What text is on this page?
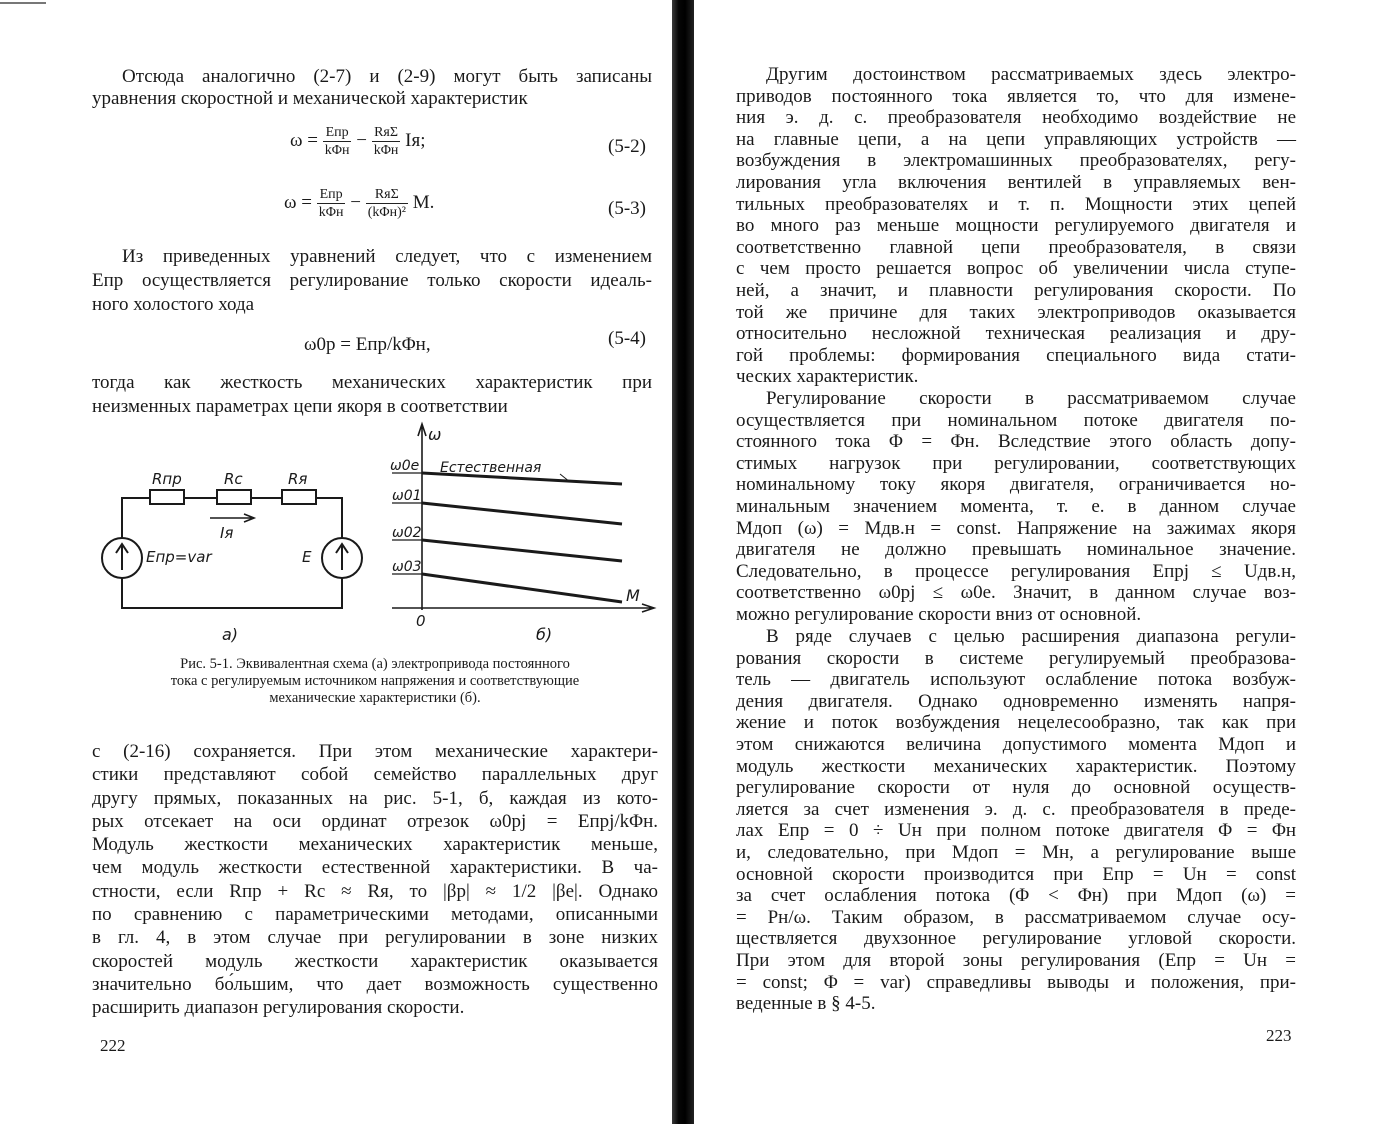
Отсюда аналогично (2-7) и (2-9) могут быть записаны
уравнения скоростной и механической характеристик
$\omega = \frac{\text{Eпр}}{\text{kΦн}} - \frac{\text{RяΣ}}{\text{kΦн}}$ Iя;	(5-2)
$\omega = \frac{\text{Eпр}}{\text{kΦн}} - \frac{\text{RяΣ}}{\text{(kΦн)²}} M$.	(5-3)
Из приведенных уравнений следует, что с изменением
Eпр осуществляется регулирование только скорости идеаль-
ного холостого хода
ω0р = Eпр/kΦн,	(5-4)
тогда как жесткость механических характеристик при
неизменных параметрах цепи якоря в соответствии
Rпр	Rс	Rя
Iя
Eпр=var	E
а)
ω
M
0
ω0е
ω01
ω02
ω03
Естественная
б)
Рис. 5-1. Эквивалентная схема (а) электропривода постоянного
тока с регулируемым источником напряжения и соответствующие
механические характеристики (б).
с (2-16) сохраняется. При этом механические характери-
стики представляют собой семейство параллельных друг
другу прямых, показанных на рис. 5-1, б, каждая из кото-
рых отсекает на оси ординат отрезок ω0рj = Eпрj/kΦн.
Модуль жесткости механических характеристик меньше,
чем модуль жесткости естественной характеристики. В ча-
стности, если Rпр + Rс ≈ Rя, то |βр| ≈ 1/2 |βе|. Однако
по сравнению с параметрическими методами, описанными
в гл. 4, в этом случае при регулировании в зоне низких
скоростей модуль жесткости характеристик оказывается
значительно бо́льшим, что дает возможность существенно
расширить диапазон регулирования скорости.
222
Другим достоинством рассматриваемых здесь электро-
приводов постоянного тока является то, что для измене-
ния э. д. с. преобразователя необходимо воздействие не
на главные цепи, а на цепи управляющих устройств —
возбуждения в электромашинных преобразователях, регу-
лирования угла включения вентилей в управляемых вен-
тильных преобразователях и т. п. Мощности этих цепей
во много раз меньше мощности регулируемого двигателя и
соответственно главной цепи преобразователя, в связи
с чем просто решается вопрос об увеличении числа ступе-
ней, а значит, и плавности регулирования скорости. По
той же причине для таких электроприводов оказывается
относительно несложной техническая реализация и дру-
гой проблемы: формирования специального вида стати-
ческих характеристик.
Регулирование скорости в рассматриваемом случае
осуществляется при номинальном потоке двигателя по-
стоянного тока Φ = Φн. Вследствие этого область допу-
стимых нагрузок при регулировании, соответствующих
номинальному току якоря двигателя, ограничивается но-
минальным значением момента, т. е. в данном случае
Mдоп (ω) = Mдв.н = const. Напряжение на зажимах якоря
двигателя не должно превышать номинальное значение.
Следовательно, в процессе регулирования Eпрj ≤ Uдв.н,
соответственно ω0рj ≤ ω0е. Значит, в данном случае воз-
можно регулирование скорости вниз от основной.
В ряде случаев с целью расширения диапазона регули-
рования скорости в системе регулируемый преобразова-
тель — двигатель используют ослабление потока возбуж-
дения двигателя. Однако одновременно изменять напря-
жение и поток возбуждения нецелесообразно, так как при
этом снижаются величина допустимого момента Mдоп и
модуль жесткости механических характеристик. Поэтому
регулирование скорости от нуля до основной осуществ-
ляется за счет изменения э. д. с. преобразователя в преде-
лах Eпр = 0 ÷ Uн при полном потоке двигателя Φ = Φн
и, следовательно, при Mдоп = Mн, а регулирование выше
основной скорости производится при Eпр = Uн = const
за счет ослабления потока (Φ < Φн) при Mдоп (ω) =
= Pн/ω. Таким образом, в рассматриваемом случае осу-
ществляется двухзонное регулирование угловой скорости.
При этом для второй зоны регулирования (Eпр = Uн =
= const; Φ = var) справедливы выводы и положения, при-
веденные в § 4-5.
223
